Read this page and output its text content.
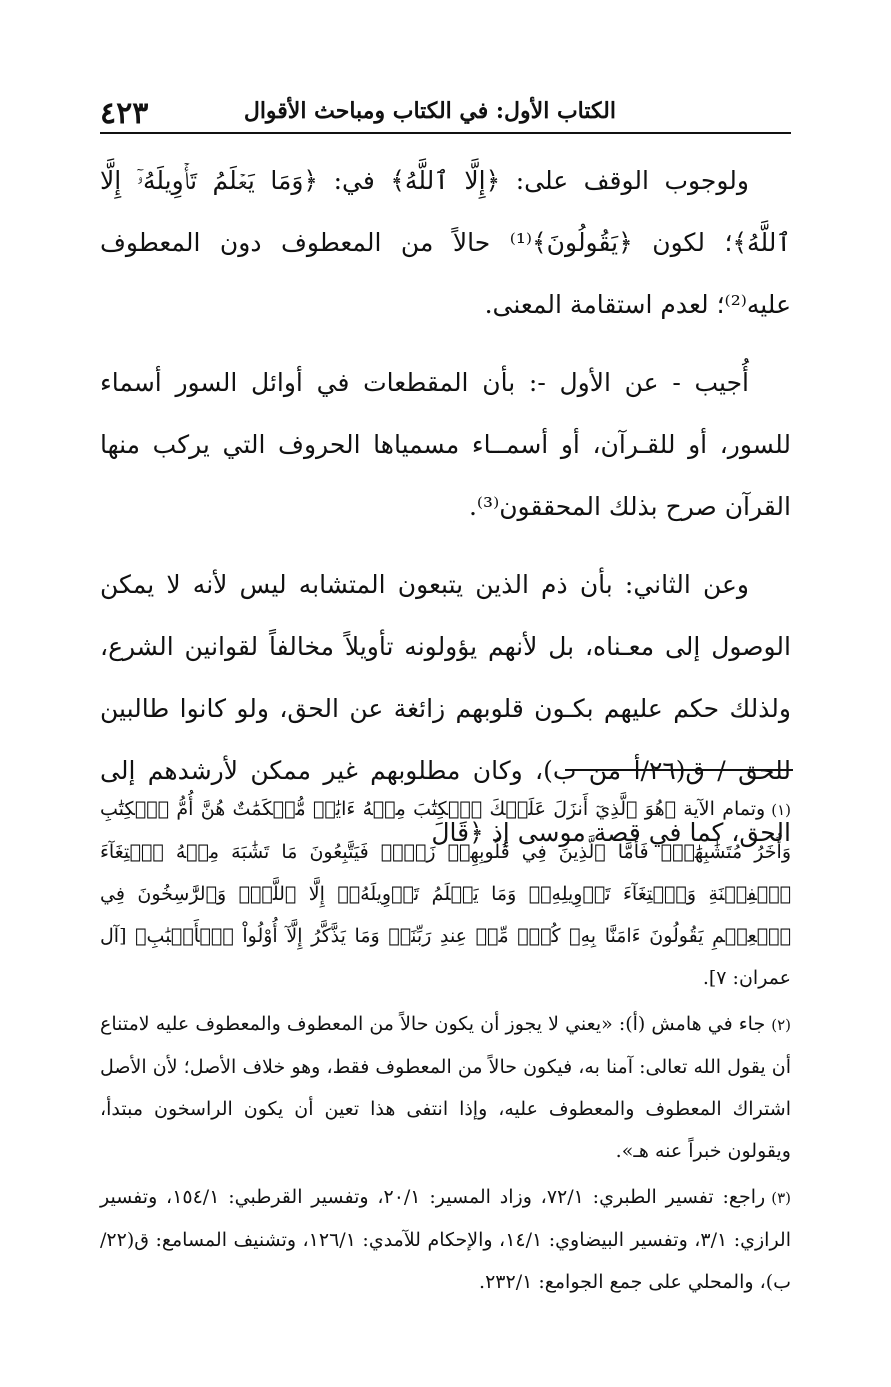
الكتاب الأول: في الكتاب ومباحث الأقوال
٤٢٣

ولوجوب الوقف على: ﴿إِلَّا ٱللَّهُ﴾ في: ﴿وَمَا يَعۡلَمُ تَأۡوِيلَهُۥٓ إِلَّا ٱللَّهُ﴾؛ لكون ﴿يَقُولُونَ﴾⁽¹⁾ حالاً من المعطوف دون المعطوف عليه⁽²⁾؛ لعدم استقامة المعنى.

أُجيب - عن الأول -: بأن المقطعات في أوائل السور أسماء للسور، أو للقـرآن، أو أسمــاء مسمياها الحروف التي يركب منها القرآن صرح بذلك المحققون⁽³⁾.

وعن الثاني: بأن ذم الذين يتبعون المتشابه ليس لأنه لا يمكن الوصول إلى معـناه، بل لأنهم يؤولونه تأويلاً مخالفاً لقوانين الشرع، ولذلك حكم عليهم بكـون قلوبهم زائغة عن الحق، ولو كانوا طالبين للحق / ق(٢٦/أ من ب)، وكان مطلوبهم غير ممكن لأرشدهم إلى الحق، كما في قصة موسى إذ ﴿قَالَ

(١)وتمام الآية ﴿هُوَ ٱلَّذِيٓ أَنزَلَ عَلَيۡكَ ٱلۡكِتَٰبَ مِنۡهُ ءَايَٰتٞ مُّحۡكَمَٰتٌ هُنَّ أُمُّ ٱلۡكِتَٰبِ وَأُخَرُ مُتَشَٰبِهَٰتٞۖ فَأَمَّا ٱلَّذِينَ فِي قُلُوبِهِمۡ زَيۡغٞ فَيَتَّبِعُونَ مَا تَشَٰبَهَ مِنۡهُ ٱبۡتِغَآءَ ٱلۡفِتۡنَةِ وَٱبۡتِغَآءَ تَأۡوِيلِهِۦۖ وَمَا يَعۡلَمُ تَأۡوِيلَهُۥٓ إِلَّا ٱللَّهُۗ وَٱلرَّٰسِخُونَ فِي ٱلۡعِلۡمِ يَقُولُونَ ءَامَنَّا بِهِۦ كُلّٞ مِّنۡ عِندِ رَبِّنَاۗ وَمَا يَذَّكَّرُ إِلَّآ أُوْلُواْ ٱلۡأَلۡبَٰبِ﴾ [آل عمران: ٧].

(٢)جاء في هامش (أ): «يعني لا يجوز أن يكون حالاً من المعطوف والمعطوف عليه لامتناع أن يقول الله تعالى: آمنا به، فيكون حالاً من المعطوف فقط، وهو خلاف الأصل؛ لأن الأصل اشتراك المعطوف والمعطوف عليه، وإذا انتفى هذا تعين أن يكون الراسخون مبتدأ، ويقولون خبراً عنه هـ».

(٣)راجع: تفسير الطبري: ٧٢/١، وزاد المسير: ٢٠/١، وتفسير القرطبي: ١٥٤/١، وتفسير الرازي: ٣/١، وتفسير البيضاوي: ١٤/١، والإحكام للآمدي: ١٢٦/١، وتشنيف المسامع: ق(٢٢/ب)، والمحلي على جمع الجوامع: ٢٣٢/١.
